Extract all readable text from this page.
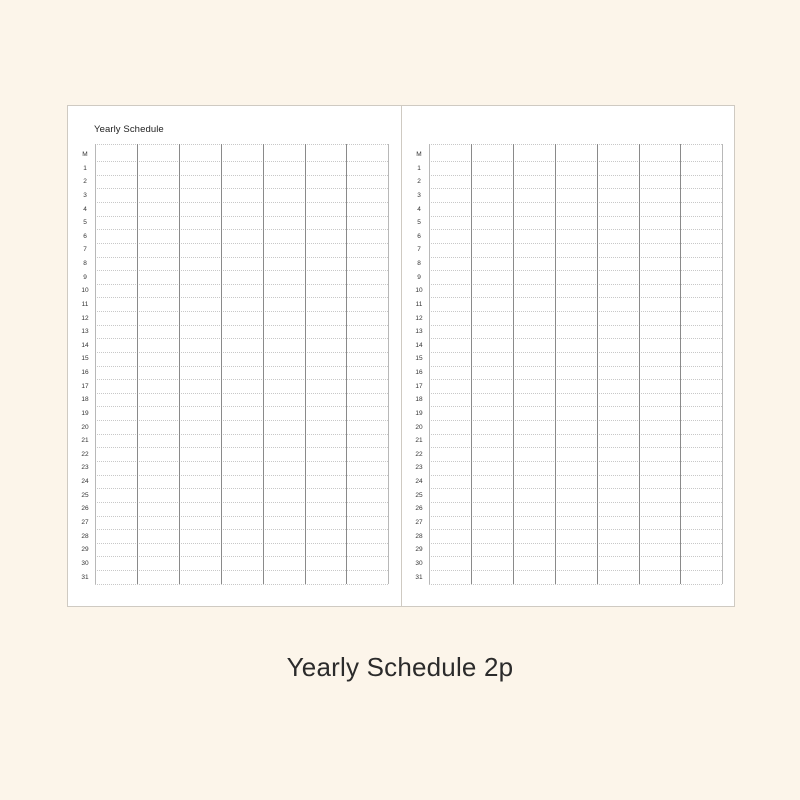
Yearly Schedule
M
1
2
3
4
5
6
7
8
9
10
11
12
13
14
15
16
17
18
19
20
21
22
23
24
25
26
27
28
29
30
31
M
1
2
3
4
5
6
7
8
9
10
11
12
13
14
15
16
17
18
19
20
21
22
23
24
25
26
27
28
29
30
31
Yearly Schedule 2p
